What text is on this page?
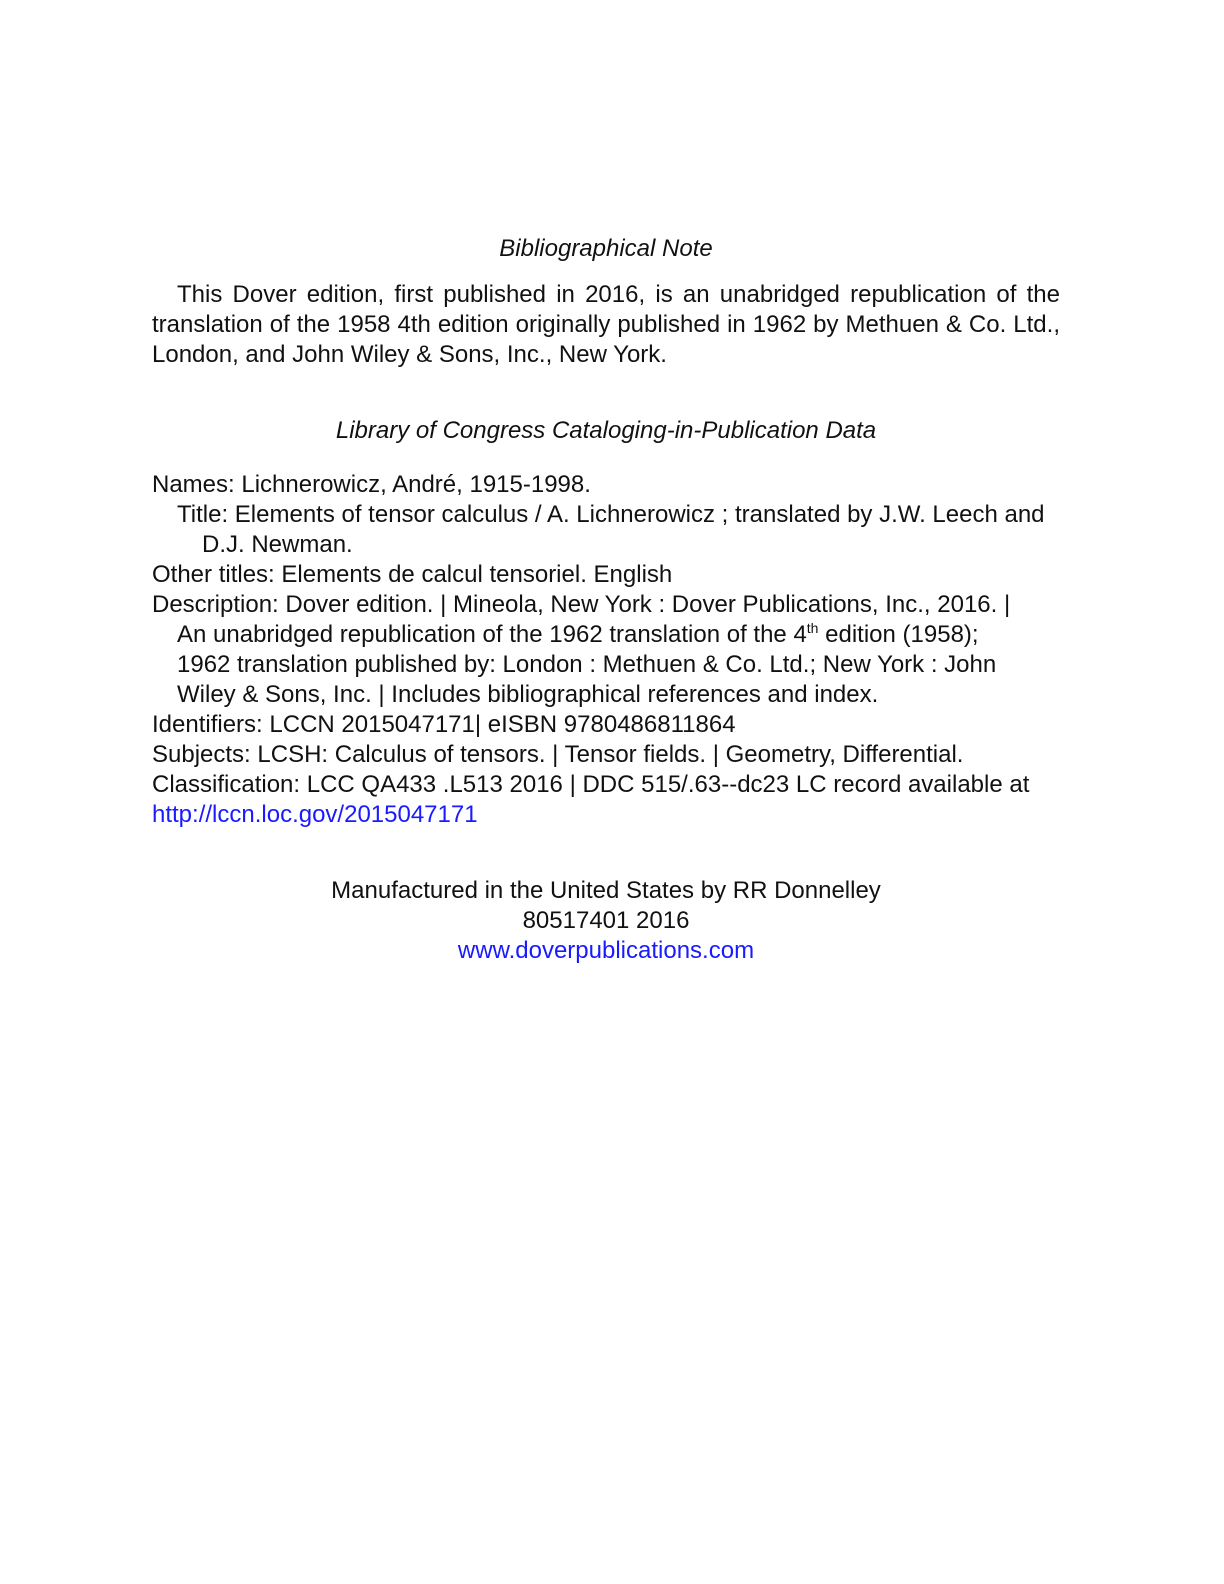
Bibliographical Note

This Dover edition, first published in 2016, is an unabridged republication of the translation of the 1958 4th edition originally published in 1962 by Methuen & Co. Ltd., London, and John Wiley & Sons, Inc., New York.

Library of Congress Cataloging-in-Publication Data

Names: Lichnerowicz, André, 1915-1998.

Title: Elements of tensor calculus / A. Lichnerowicz ; translated by J.W. Leech and
D.J. Newman.

Other titles: Elements de calcul tensoriel. English

Description: Dover edition. | Mineola, New York : Dover Publications, Inc., 2016. |
An unabridged republication of the 1962 translation of the 4th edition (1958);
1962 translation published by: London : Methuen & Co. Ltd.; New York : John
Wiley & Sons, Inc. | Includes bibliographical references and index.

Identifiers: LCCN 2015047171| eISBN 9780486811864

Subjects: LCSH: Calculus of tensors. | Tensor fields. | Geometry, Differential.

Classification: LCC QA433 .L513 2016 | DDC 515/.63--dc23 LC record available at

http://lccn.loc.gov/2015047171

Manufactured in the United States by RR Donnelley
80517401 2016
www.doverpublications.com
